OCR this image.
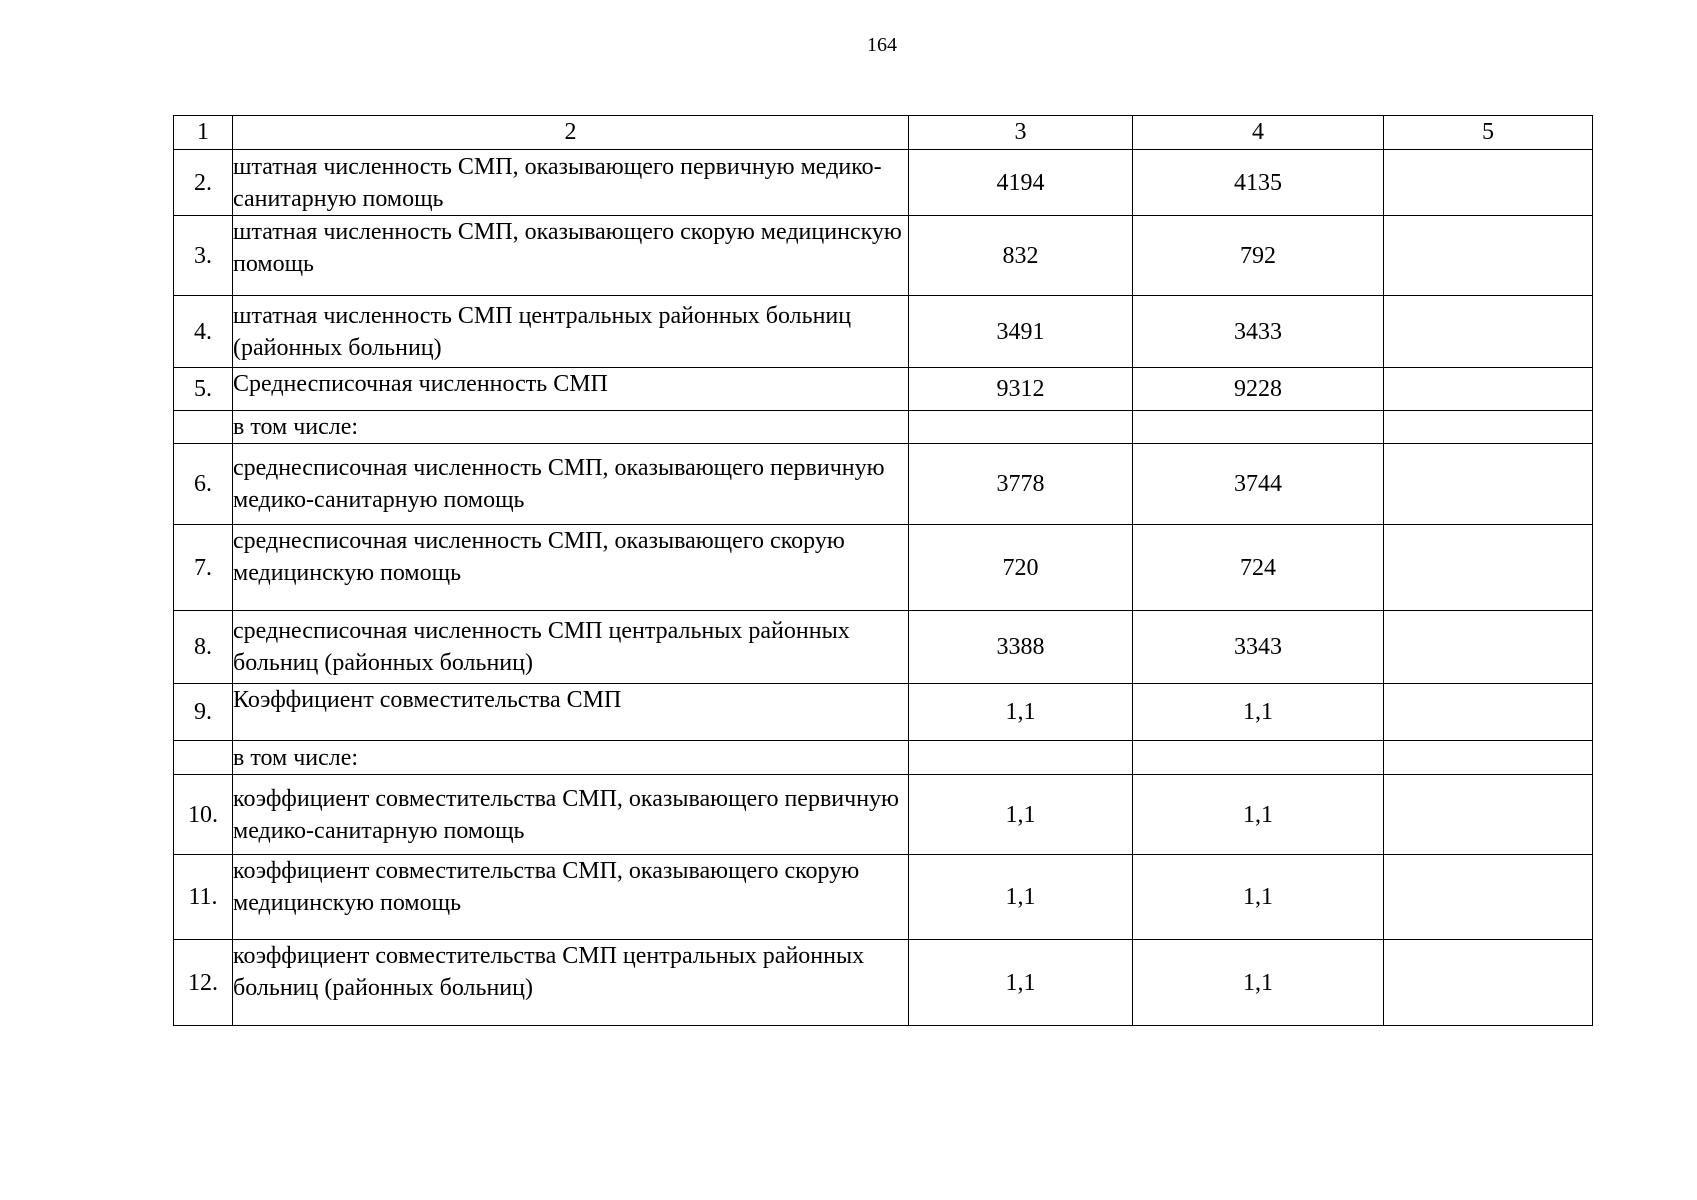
164
1	2	3	4	5
2.	штатная численность СМП, оказывающего первичную медико-санитарную помощь	4194	4135	
3.	штатная численность СМП, оказывающего скорую медицинскую помощь	832	792	
4.	штатная численность СМП центральных районных больниц (районных больниц)	3491	3433	
5.	Среднесписочная численность СМП	9312	9228	
	в том числе:			
6.	среднесписочная численность СМП, оказывающего первичную медико-санитарную помощь	3778	3744	
7.	среднесписочная численность СМП, оказывающего скорую медицинскую помощь	720	724	
8.	среднесписочная численность СМП центральных районных больниц (районных больниц)	3388	3343	
9.	Коэффициент совместительства СМП	1,1	1,1	
	в том числе:			
10.	коэффициент совместительства СМП, оказывающего первичную медико-санитарную помощь	1,1	1,1	
11.	коэффициент совместительства СМП, оказывающего скорую медицинскую помощь	1,1	1,1	
12.	коэффициент совместительства СМП центральных районных больниц (районных больниц)	1,1	1,1	
